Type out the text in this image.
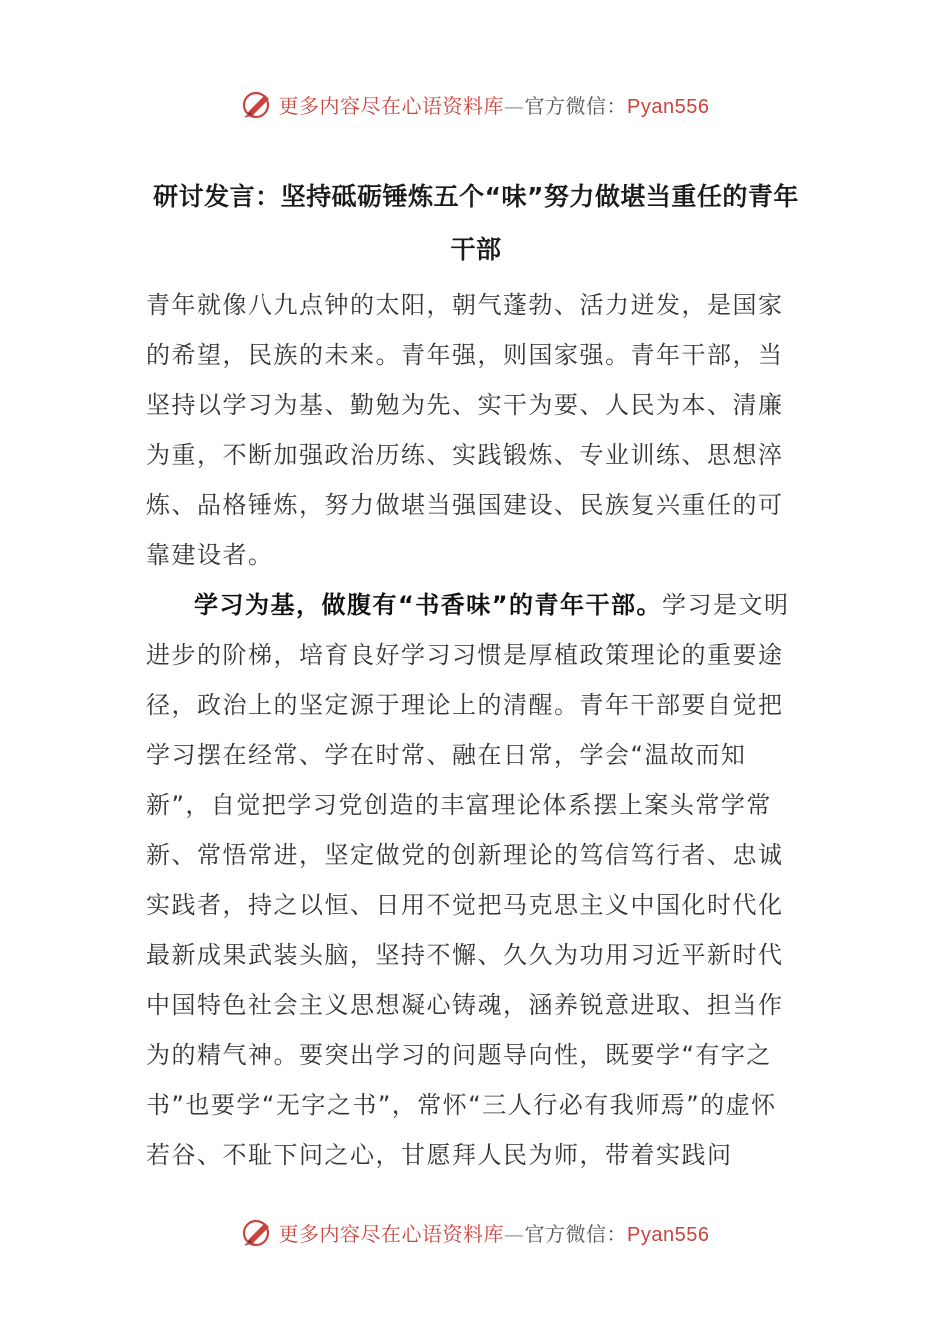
更多内容尽在心语资料库—官方微信：Pyan556
研讨发言：坚持砥砺锤炼五个“味”努力做堪当重任的青年干部
青年就像八九点钟的太阳，朝气蓬勃、活力迸发，是国家的希望，民族的未来。青年强，则国家强。青年干部，当坚持以学习为基、勤勉为先、实干为要、人民为本、清廉为重，不断加强政治历练、实践锻炼、专业训练、思想淬炼、品格锤炼，努力做堪当强国建设、民族复兴重任的可靠建设者。
学习为基，做腹有“书香味”的青年干部。学习是文明进步的阶梯，培育良好学习习惯是厚植政策理论的重要途径，政治上的坚定源于理论上的清醒。青年干部要自觉把学习摆在经常、学在时常、融在日常，学会“温故而知新”，自觉把学习党创造的丰富理论体系摆上案头常学常新、常悟常进，坚定做党的创新理论的笃信笃行者、忠诚实践者，持之以恒、日用不觉把马克思主义中国化时代化最新成果武装头脑，坚持不懈、久久为功用习近平新时代中国特色社会主义思想凝心铸魂，涵养锐意进取、担当作为的精气神。要突出学习的问题导向性，既要学“有字之书”也要学“无字之书”，常怀“三人行必有我师焉”的虚怀若谷、不耻下问之心，甘愿拜人民为师，带着实践问
更多内容尽在心语资料库—官方微信：Pyan556
